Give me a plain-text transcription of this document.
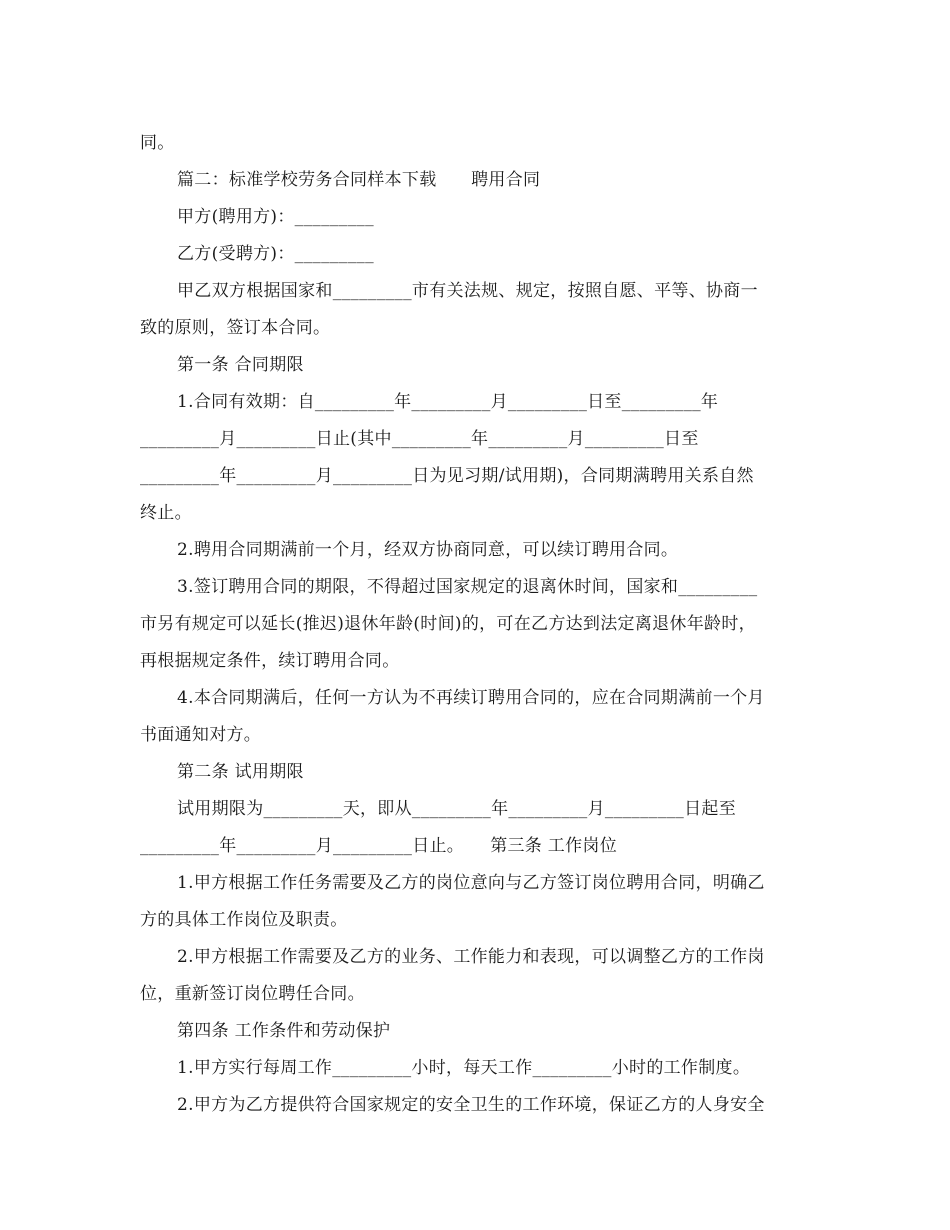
同。
篇二：标准学校劳务合同样本下载　　聘用合同
甲方(聘用方)：_________
乙方(受聘方)：_________
甲乙双方根据国家和_________市有关法规、规定，按照自愿、平等、协商一
致的原则，签订本合同。
第一条 合同期限
1.合同有效期：自_________年_________月_________日至_________年
_________月_________日止(其中_________年_________月_________日至
_________年_________月_________日为见习期/试用期)，合同期满聘用关系自然
终止。
2.聘用合同期满前一个月，经双方协商同意，可以续订聘用合同。
3.签订聘用合同的期限，不得超过国家规定的退离休时间，国家和_________
市另有规定可以延长(推迟)退休年龄(时间)的，可在乙方达到法定离退休年龄时，
再根据规定条件，续订聘用合同。
4.本合同期满后，任何一方认为不再续订聘用合同的，应在合同期满前一个月
书面通知对方。
第二条 试用期限
试用期限为_________天，即从_________年_________月_________日起至
_________年_________月_________日止。　　第三条 工作岗位
1.甲方根据工作任务需要及乙方的岗位意向与乙方签订岗位聘用合同，明确乙
方的具体工作岗位及职责。
2.甲方根据工作需要及乙方的业务、工作能力和表现，可以调整乙方的工作岗
位，重新签订岗位聘任合同。
第四条 工作条件和劳动保护
1.甲方实行每周工作_________小时，每天工作_________小时的工作制度。
2.甲方为乙方提供符合国家规定的安全卫生的工作环境，保证乙方的人身安全
